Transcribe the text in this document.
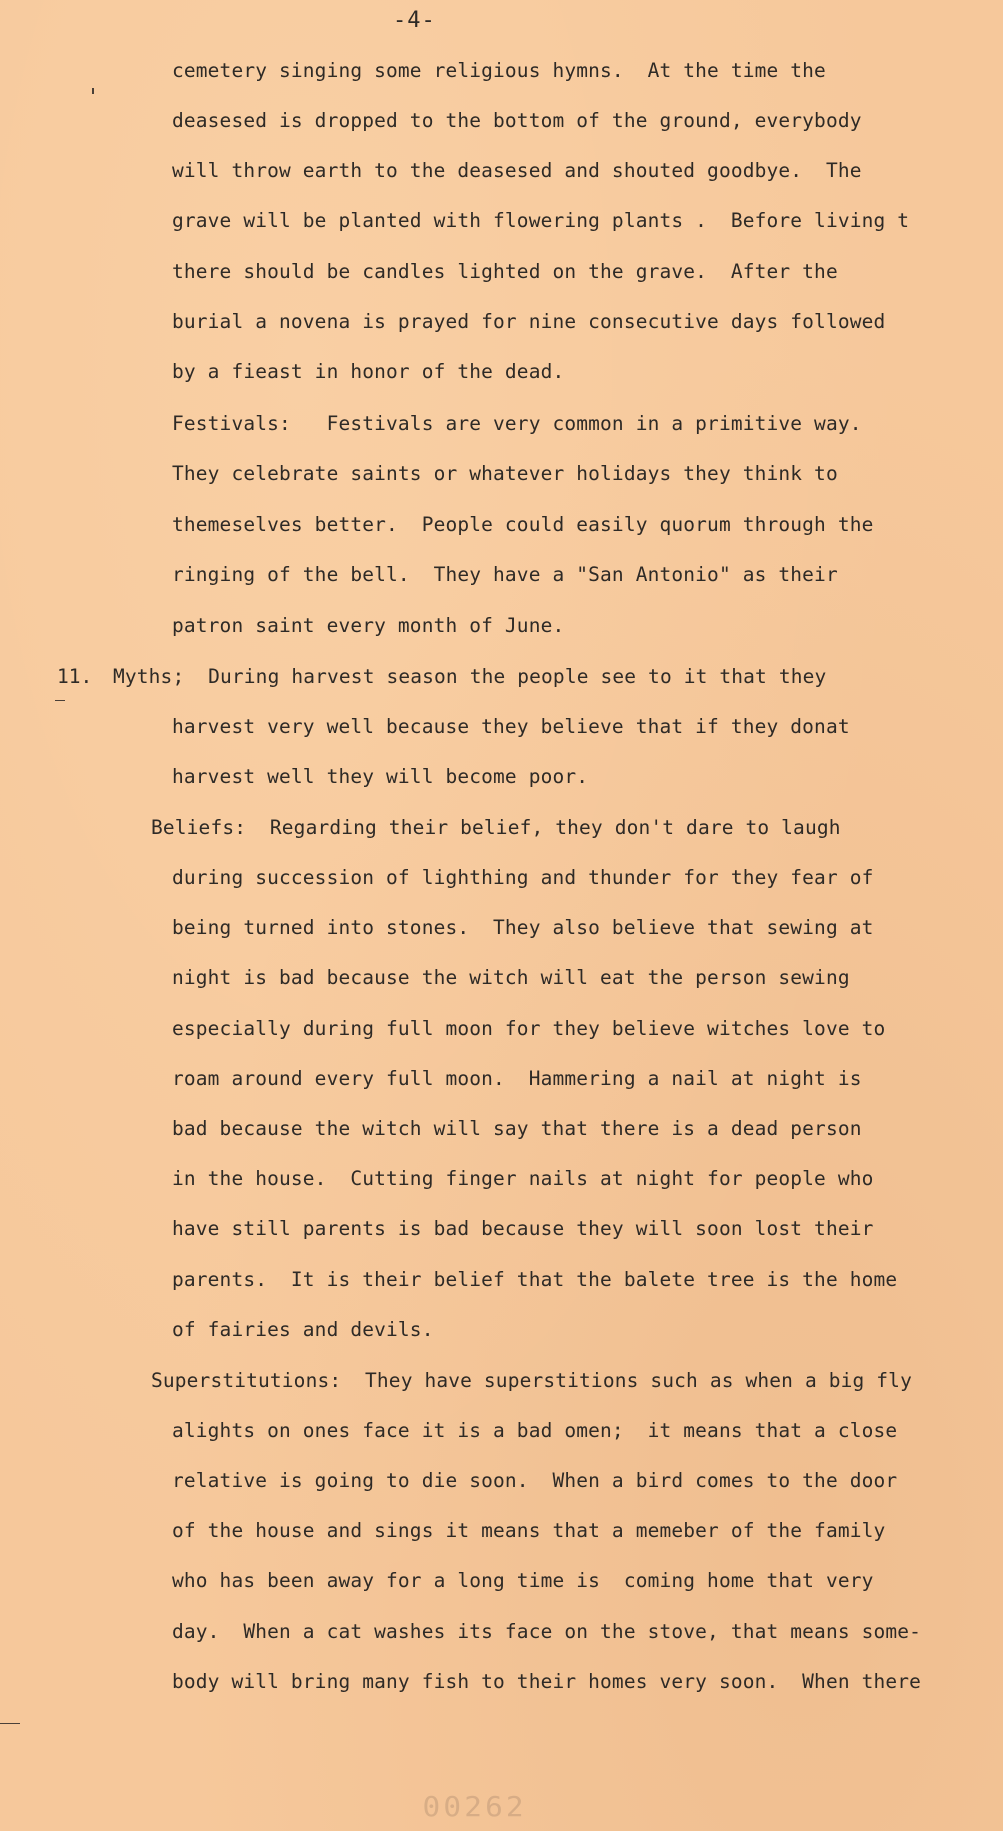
-4-
cemetery singing some religious hymns.  At the time the
deasesed is dropped to the bottom of the ground, everybody
will throw earth to the deasesed and shouted goodbye.  The
grave will be planted with flowering plants .  Before living t
there should be candles lighted on the grave.  After the
burial a novena is prayed for nine consecutive days followed
by a fieast in honor of the dead.
Festivals:   Festivals are very common in a primitive way.
They celebrate saints or whatever holidays they think to
themeselves better.  People could easily quorum through the
ringing of the bell.  They have a "San Antonio" as their
patron saint every month of June.
11. Myths;  During harvest season the people see to it that they
harvest very well because they believe that if they donat
harvest well they will become poor.
Beliefs:  Regarding their belief, they don't dare to laugh
during succession of lighthing and thunder for they fear of
being turned into stones.  They also believe that sewing at
night is bad because the witch will eat the person sewing
especially during full moon for they believe witches love to
roam around every full moon.  Hammering a nail at night is
bad because the witch will say that there is a dead person
in the house.  Cutting finger nails at night for people who
have still parents is bad because they will soon lost their
parents.  It is their belief that the balete tree is the home
of fairies and devils.
Superstitutions:  They have superstitions such as when a big fly
alights on ones face it is a bad omen;  it means that a close
relative is going to die soon.  When a bird comes to the door
of the house and sings it means that a memeber of the family
who has been away for a long time is  coming home that very
day.  When a cat washes its face on the stove, that means some-
body will bring many fish to their homes very soon.  When there
00262
